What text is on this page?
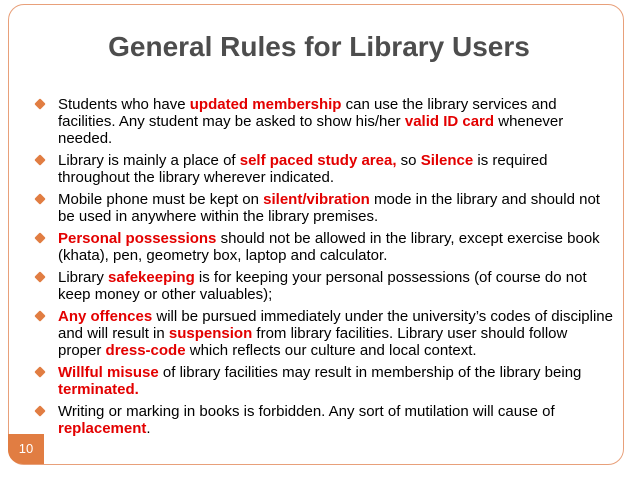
General Rules for Library Users
Students who have updated membership can use the library services and facilities. Any student may be asked to show his/her valid ID card whenever needed.
Library is mainly a place of self paced study area, so Silence is required throughout the library wherever indicated.
Mobile phone must be kept on silent/vibration mode in the library and should not be used in anywhere within the library premises.
Personal possessions should not be allowed in the library, except exercise book (khata), pen, geometry box, laptop and calculator.
Library safekeeping is for keeping your personal possessions (of course do not keep money or other valuables);
Any offences will be pursued immediately under the university’s codes of discipline and will result in suspension from library facilities. Library user should follow proper dress-code which reflects our culture and local context.
Willful misuse of library facilities may result in membership of the library being terminated.
Writing or marking in books is forbidden. Any sort of mutilation will cause of replacement.
10
